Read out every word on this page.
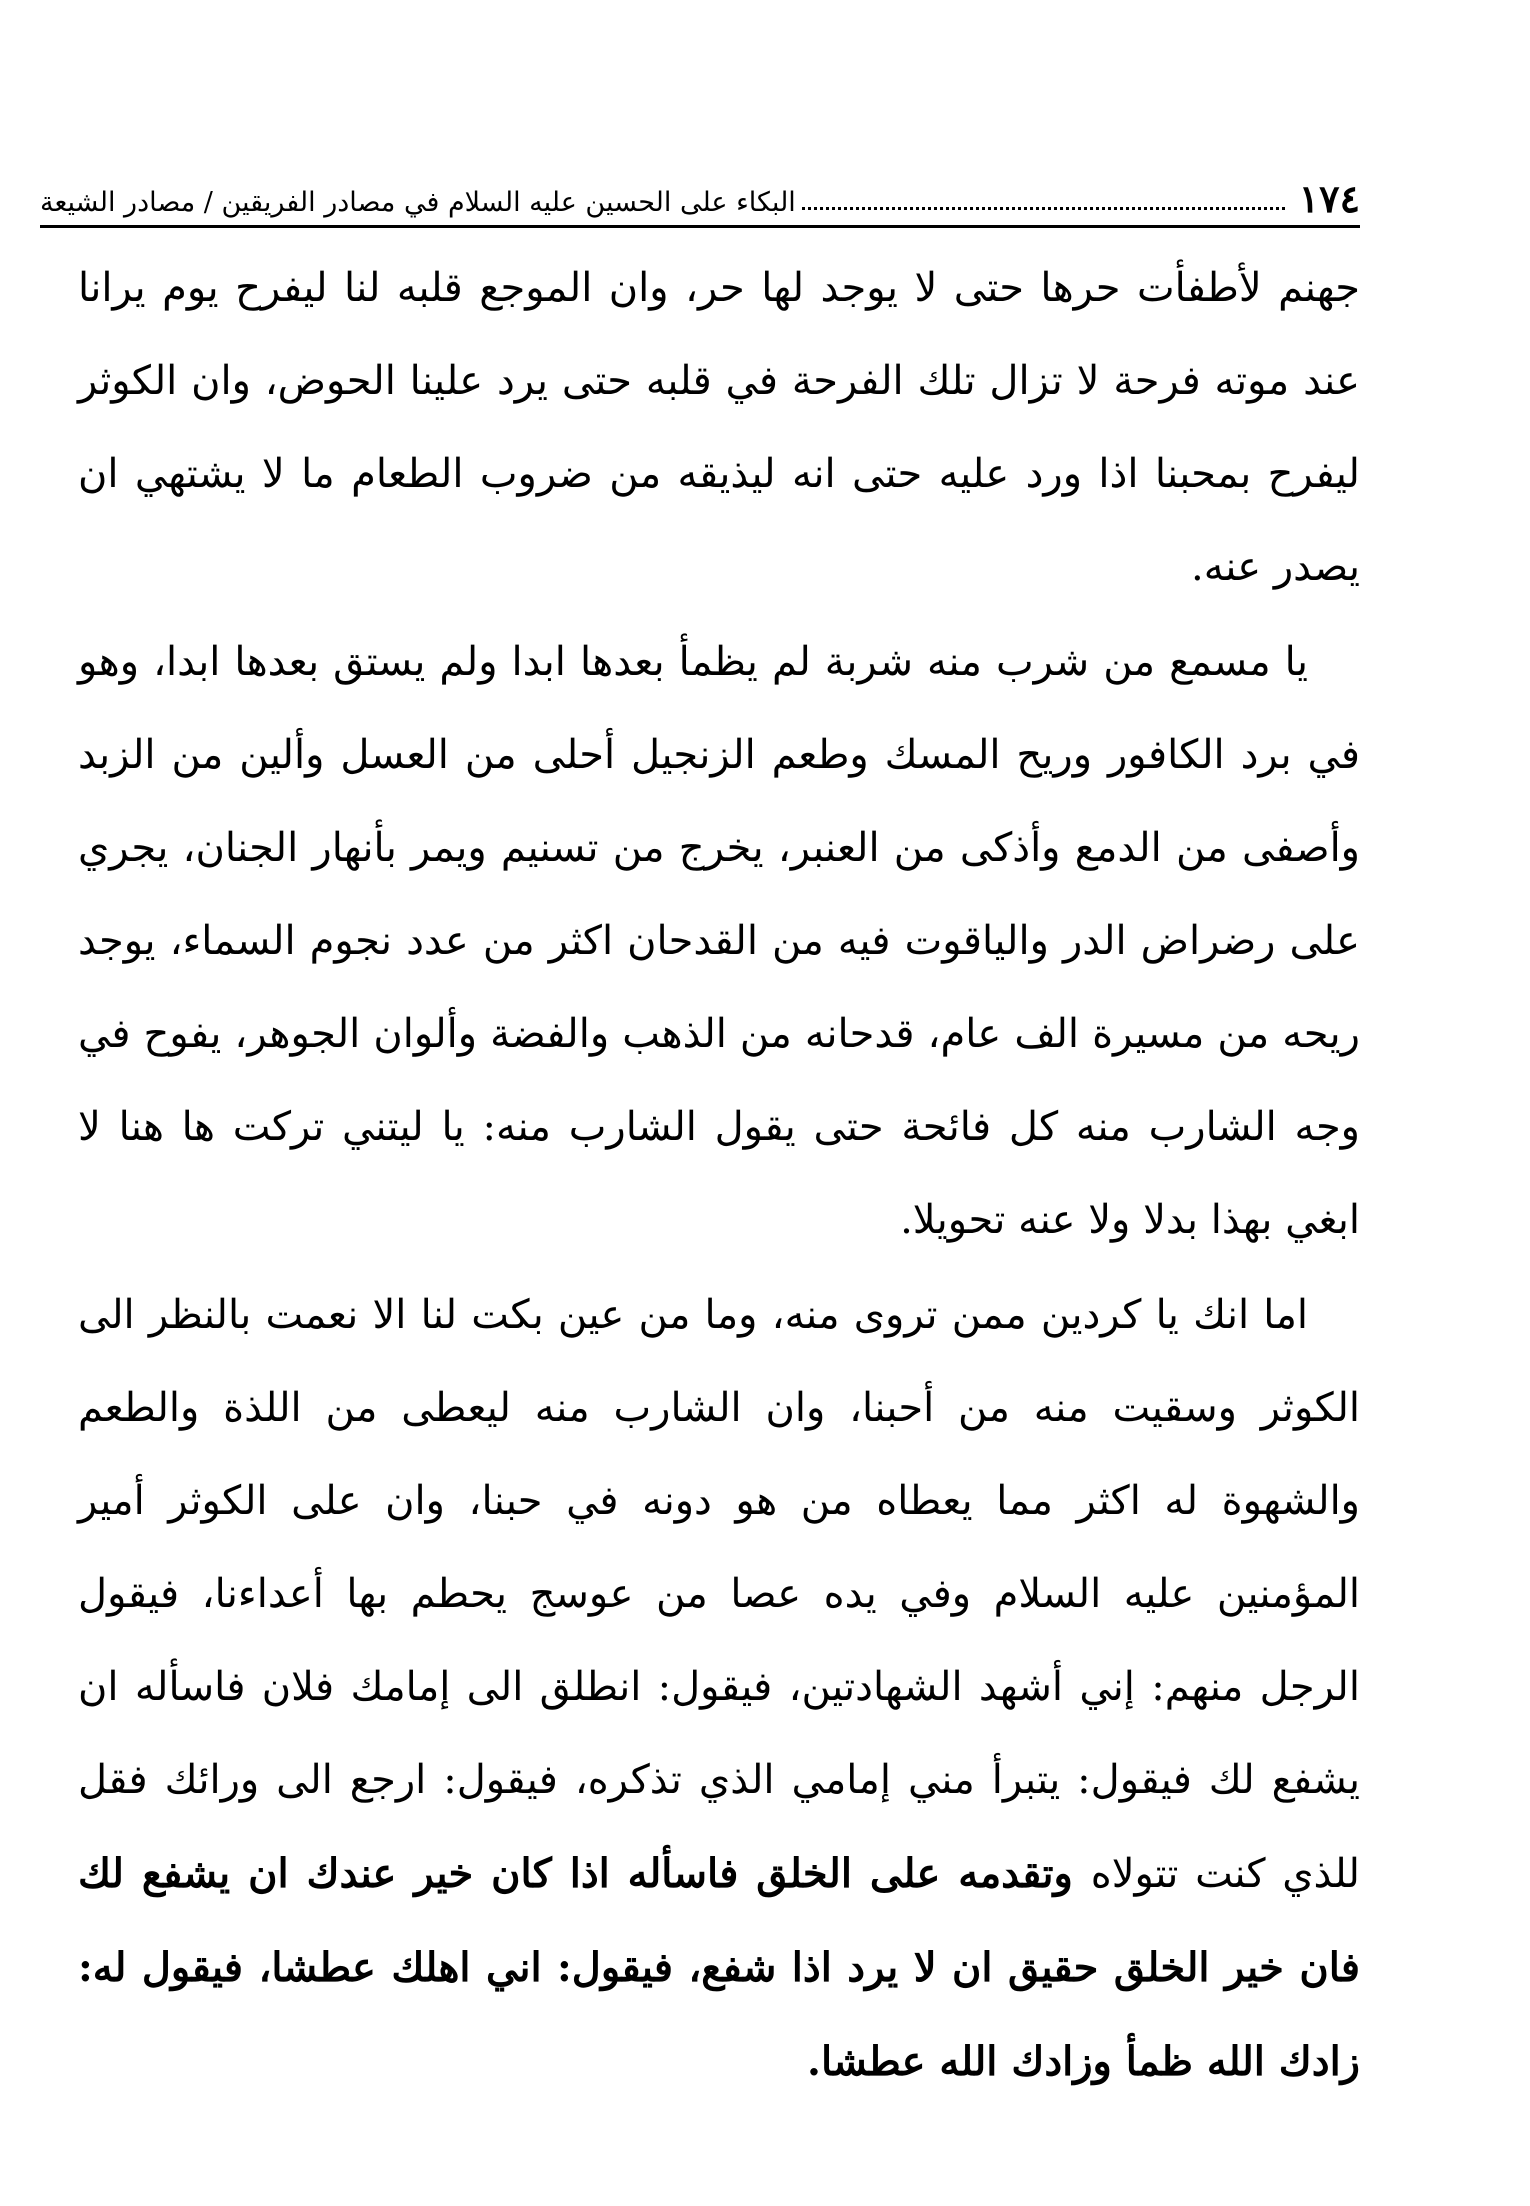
١٧٤
البكاء على الحسين عليه السلام في مصادر الفريقين / مصادر الشيعة

جهنم لأطفأت حرها حتى لا يوجد لها حر، وان الموجع قلبه لنا ليفرح يوم يرانا عند موته فرحة لا تزال تلك الفرحة في قلبه حتى يرد علينا الحوض، وان الكوثر ليفرح بمحبنا اذا ورد عليه حتى انه ليذيقه من ضروب الطعام ما لا يشتهي ان يصدر عنه.

يا مسمع من شرب منه شربة لم يظمأ بعدها ابدا ولم يستق بعدها ابدا، وهو في برد الكافور وريح المسك وطعم الزنجيل أحلى من العسل وألين من الزبد وأصفى من الدمع وأذكى من العنبر، يخرج من تسنيم ويمر بأنهار الجنان، يجري على رضراض الدر والياقوت فيه من القدحان اكثر من عدد نجوم السماء، يوجد ريحه من مسيرة الف عام، قدحانه من الذهب والفضة وألوان الجوهر، يفوح في وجه الشارب منه كل فائحة حتى يقول الشارب منه: يا ليتني تركت ها هنا لا ابغي بهذا بدلا ولا عنه تحويلا.

اما انك يا كردين ممن تروى منه، وما من عين بكت لنا الا نعمت بالنظر الى الكوثر وسقيت منه من أحبنا، وان الشارب منه ليعطى من اللذة والطعم والشهوة له اكثر مما يعطاه من هو دونه في حبنا، وان على الكوثر أمير المؤمنين عليه السلام وفي يده عصا من عوسج يحطم بها أعداءنا، فيقول الرجل منهم: إني أشهد الشهادتين، فيقول: انطلق الى إمامك فلان فاسأله ان يشفع لك فيقول: يتبرأ مني إمامي الذي تذكره، فيقول: ارجع الى ورائك فقل للذي كنت تتولاه وتقدمه على الخلق فاسأله اذا كان خير عندك ان يشفع لك فان خير الخلق حقيق ان لا يرد اذا شفع، فيقول: اني اهلك عطشا، فيقول له: زادك الله ظمأ وزادك الله عطشا.
